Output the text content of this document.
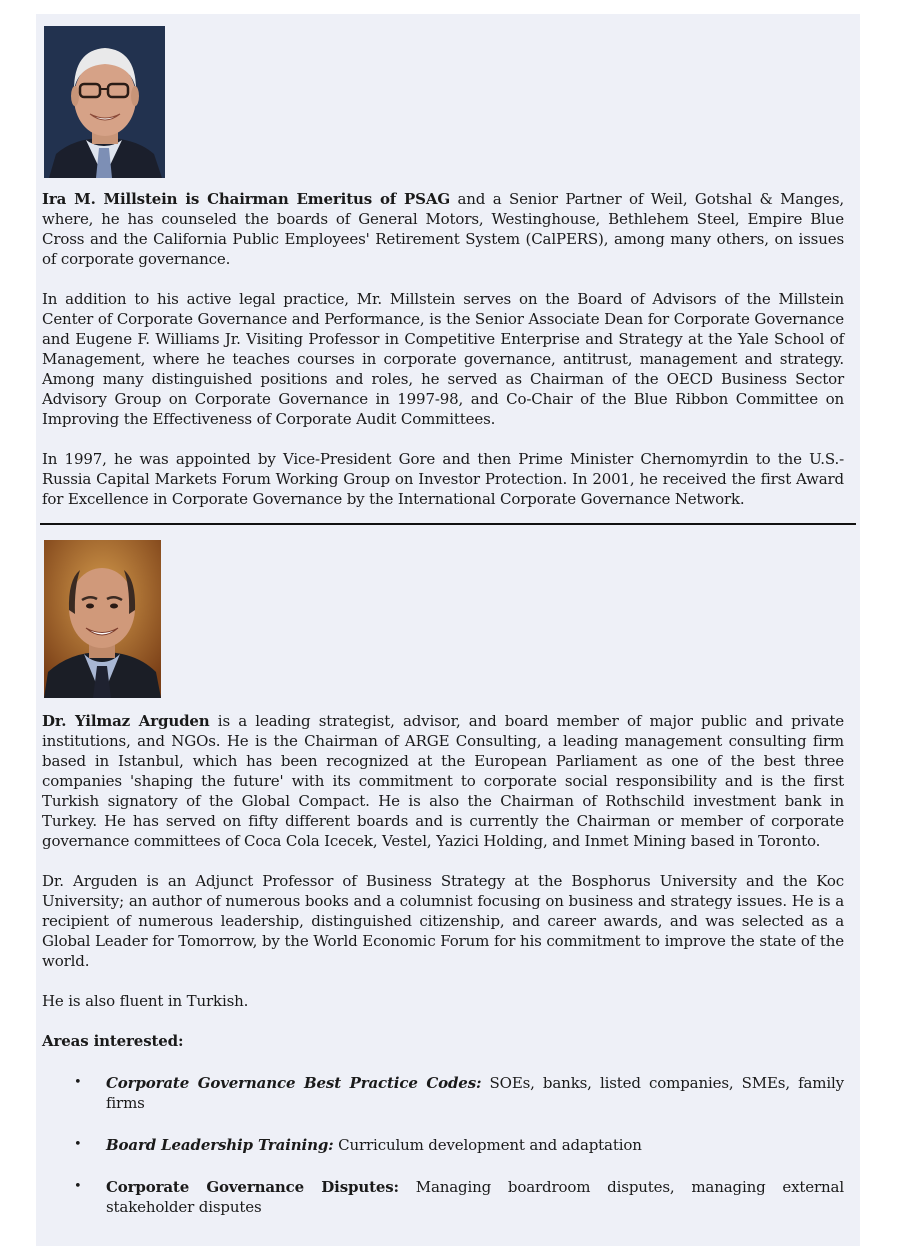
Ira M. Millstein is Chairman Emeritus of PSAG and a Senior Partner of Weil, Gotshal & Manges, where, he has counseled the boards of General Motors, Westinghouse, Bethlehem Steel, Empire Blue Cross and the California Public Employees' Retirement System (CalPERS), among many others, on issues of corporate governance.

In addition to his active legal practice, Mr. Millstein serves on the Board of Advisors of the Millstein Center of Corporate Governance and Performance, is the Senior Associate Dean for Corporate Governance and Eugene F. Williams Jr. Visiting Professor in Competitive Enterprise and Strategy at the Yale School of Management, where he teaches courses in corporate governance, antitrust, management and strategy. Among many distinguished positions and roles, he served as Chairman of the OECD Business Sector Advisory Group on Corporate Governance in 1997-98, and Co-Chair of the Blue Ribbon Committee on Improving the Effectiveness of Corporate Audit Committees.

In 1997, he was appointed by Vice-President Gore and then Prime Minister Chernomyrdin to the U.S.-Russia Capital Markets Forum Working Group on Investor Protection. In 2001, he received the first Award for Excellence in Corporate Governance by the International Corporate Governance Network.

Dr. Yilmaz Arguden is a leading strategist, advisor, and board member of major public and private institutions, and NGOs. He is the Chairman of ARGE Consulting, a leading management consulting firm based in Istanbul, which has been recognized at the European Parliament as one of the best three companies 'shaping the future' with its commitment to corporate social responsibility and is the first Turkish signatory of the Global Compact. He is also the Chairman of Rothschild investment bank in Turkey. He has served on fifty different boards and is currently the Chairman or member of corporate governance committees of Coca Cola Icecek, Vestel, Yazici Holding, and Inmet Mining based in Toronto.

Dr. Arguden is an Adjunct Professor of Business Strategy at the Bosphorus University and the Koc University; an author of numerous books and a columnist focusing on business and strategy issues. He is a recipient of numerous leadership, distinguished citizenship, and career awards, and was selected as a Global Leader for Tomorrow, by the World Economic Forum for his commitment to improve the state of the world.

He is also fluent in Turkish.

Areas interested:
• Corporate Governance Best Practice Codes: SOEs, banks, listed companies, SMEs, family firms
• Board Leadership Training: Curriculum development and adaptation
• Corporate Governance Disputes: Managing boardroom disputes, managing external stakeholder disputes
